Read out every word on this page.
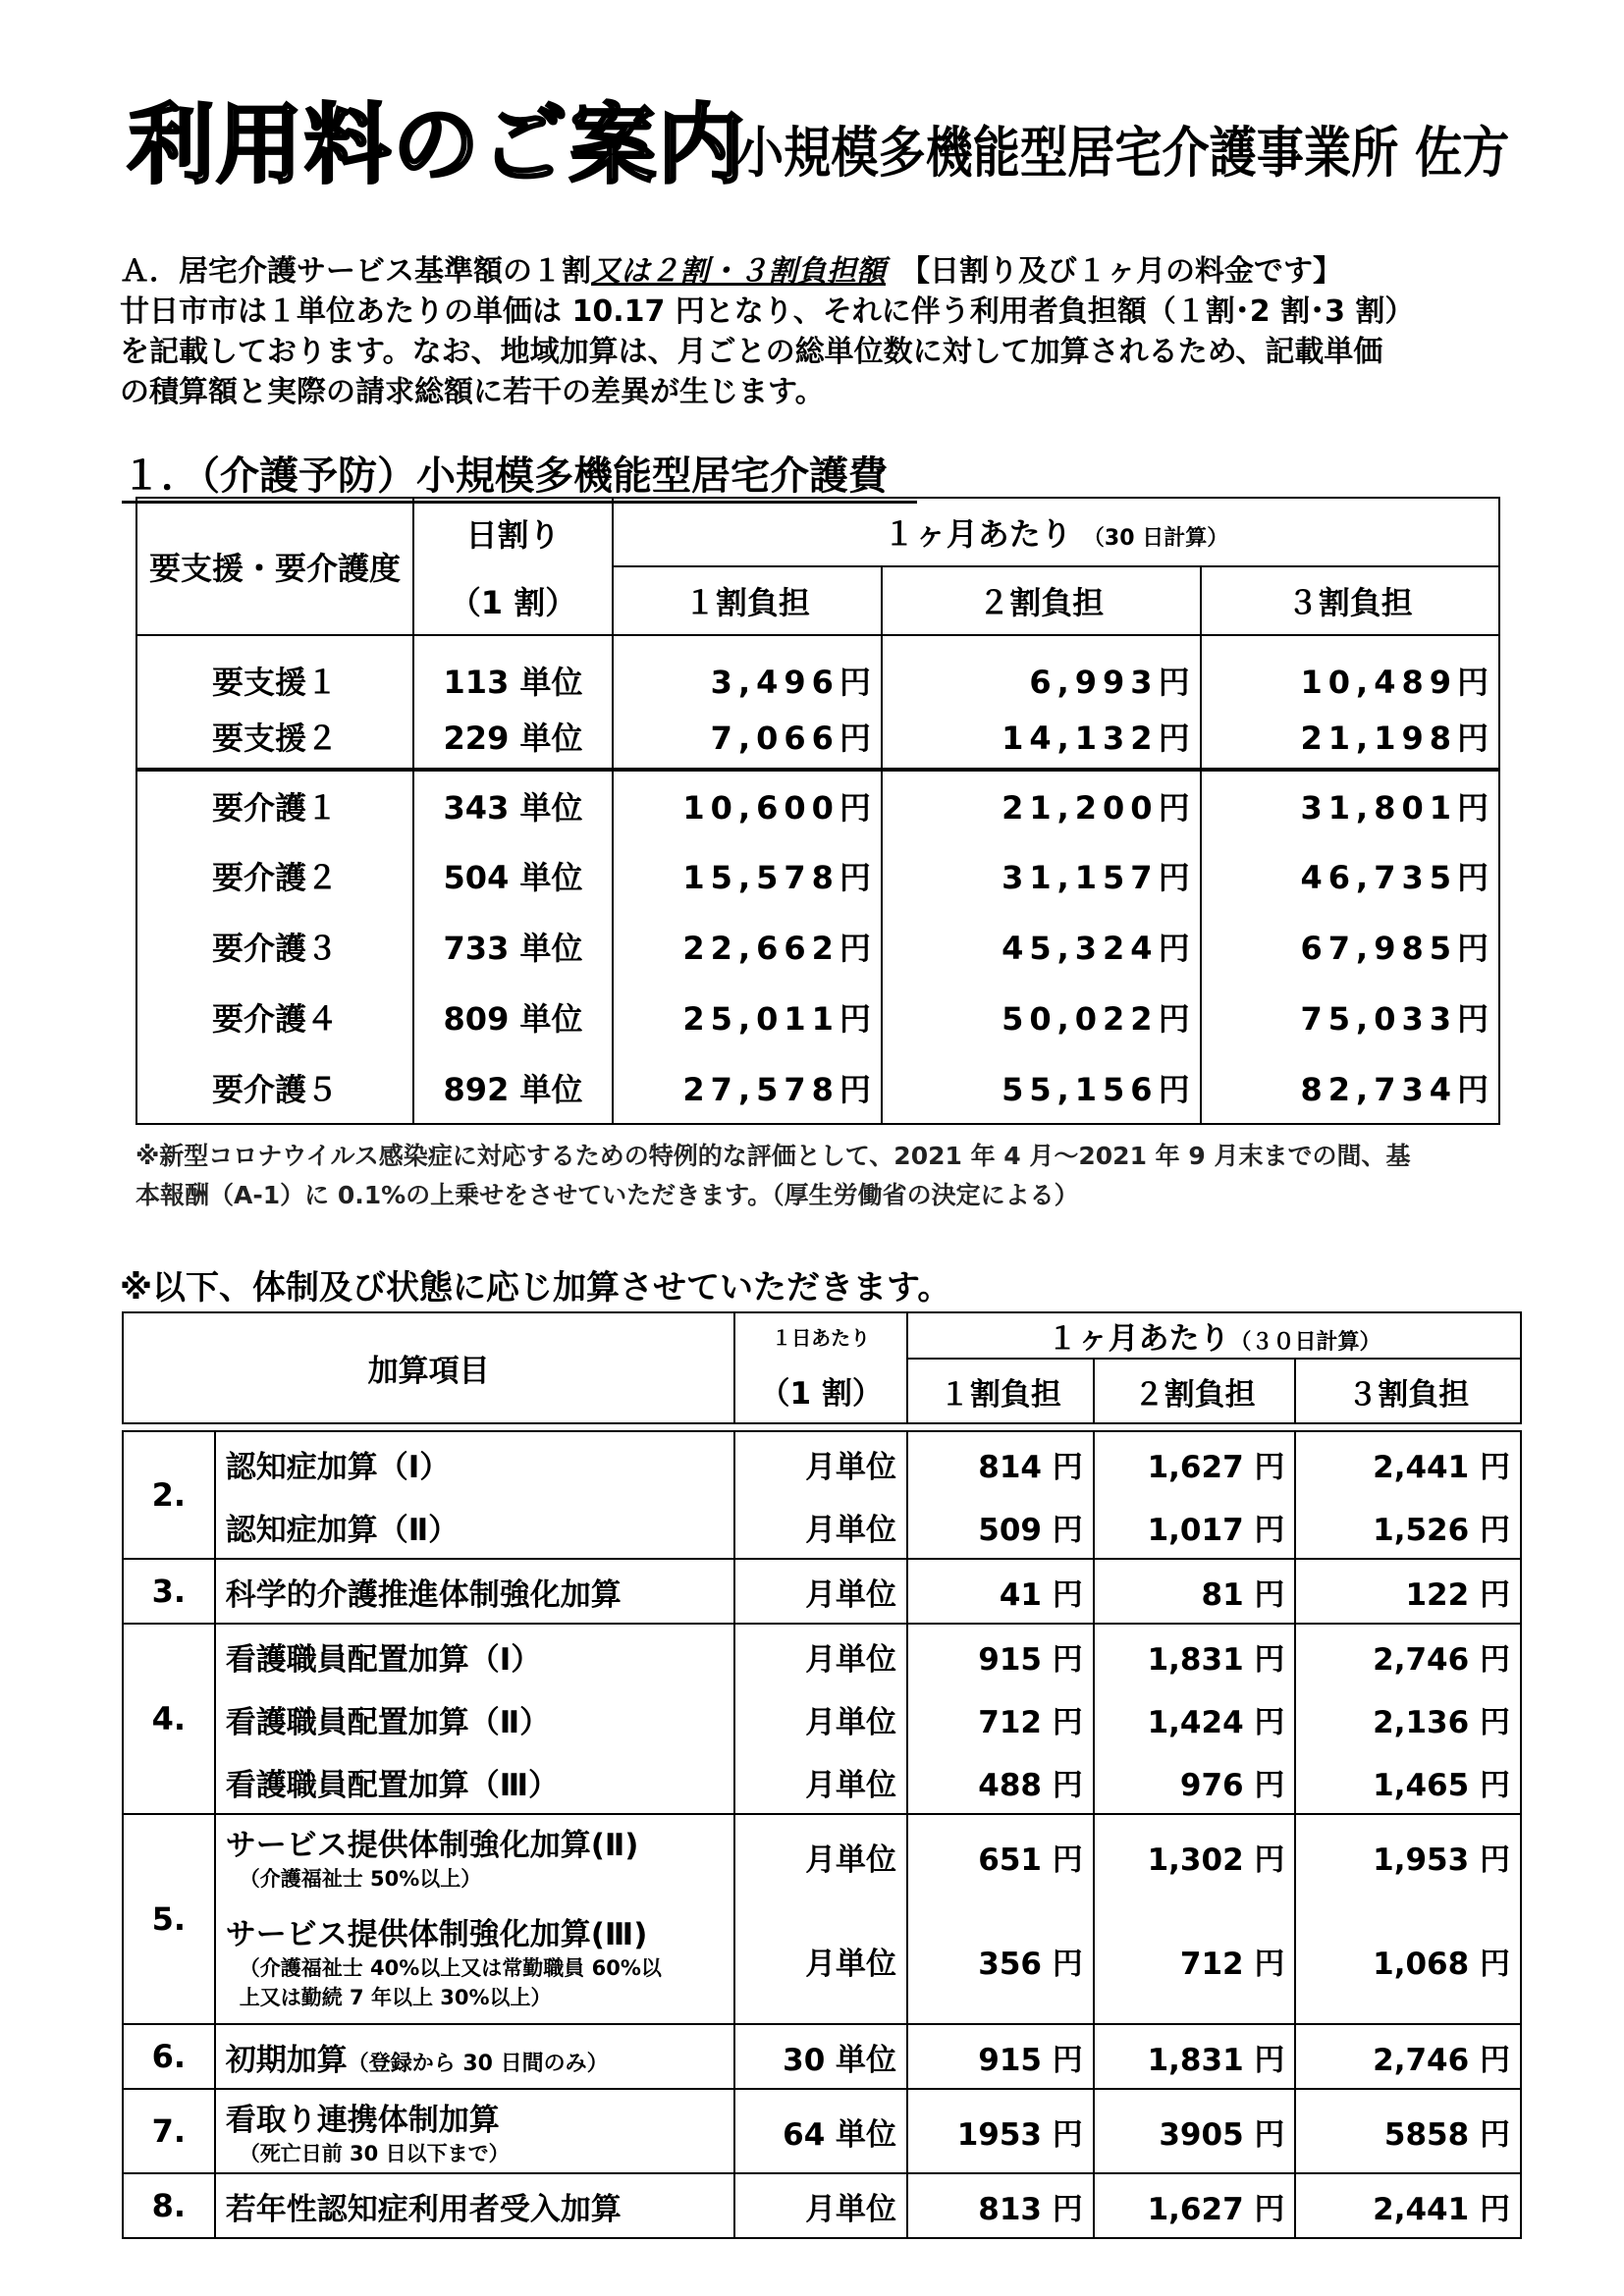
利用料のご案内
小規模多機能型居宅介護事業所 佐方

Ａ．居宅介護サービス基準額の１割又は２割・３割負担額　【日割り及び１ヶ月の料金です】

廿日市市は１単位あたりの単価は 10.17 円となり、それに伴う利用者負担額（１割･2 割･3 割）

を記載しております。なお、地域加算は、月ごとの総単位数に対して加算されるため、記載単価

の積算額と実際の請求総額に若干の差異が生じます。

１．（介護予防）小規模多機能型居宅介護費
要支援・要介護度	日割り	１ヶ月あたり （30 日計算）		
	（1 割）	１割負担	２割負担	３割負担

要支援１	113 単位	3,496円	6,993円	10,489円
要支援２	229 単位	7,066円	14,132円	21,198円
要介護１	343 単位	10,600円	21,200円	31,801円
要介護２	504 単位	15,578円	31,157円	46,735円
要介護３	733 単位	22,662円	45,324円	67,985円
要介護４	809 単位	25,011円	50,022円	75,033円
要介護５	892 単位	27,578円	55,156円	82,734円

※新型コロナウイルス感染症に対応するための特例的な評価として、2021 年 4 月～2021 年 9 月末までの間、基

本報酬（A-1）に 0.1%の上乗せをさせていただきます。（厚生労働省の決定による）

※以下、体制及び状態に応じ加算させていただきます。
加算項目		１日あたり	１ヶ月あたり（３０日計算）		
		（1 割）	１割負担	２割負担	３割負担

2.	認知症加算（Ⅰ）	月単位	814 円	1,627 円	2,441 円
	認知症加算（Ⅱ）	月単位	509 円	1,017 円	1,526 円
3.	科学的介護推進体制強化加算	月単位	41 円	81 円	122 円
4.	看護職員配置加算（Ⅰ）	月単位	915 円	1,831 円	2,746 円
	看護職員配置加算（Ⅱ）	月単位	712 円	1,424 円	2,136 円
	看護職員配置加算（Ⅲ）	月単位	488 円	976 円	1,465 円
5.	サービス提供体制強化加算(Ⅱ)
（介護福祉士 50%以上）	月単位	651 円	1,302 円	1,953 円
	サービス提供体制強化加算(Ⅲ)
（介護福祉士 40%以上又は常勤職員 60%以
上又は勤続 7 年以上 30%以上）	月単位	356 円	712 円	1,068 円
6.	初期加算（登録から 30 日間のみ）	30 単位	915 円	1,831 円	2,746 円
7.	看取り連携体制加算
（死亡日前 30 日以下まで）	64 単位	1953 円	3905 円	5858 円
8.	若年性認知症利用者受入加算	月単位	813 円	1,627 円	2,441 円
